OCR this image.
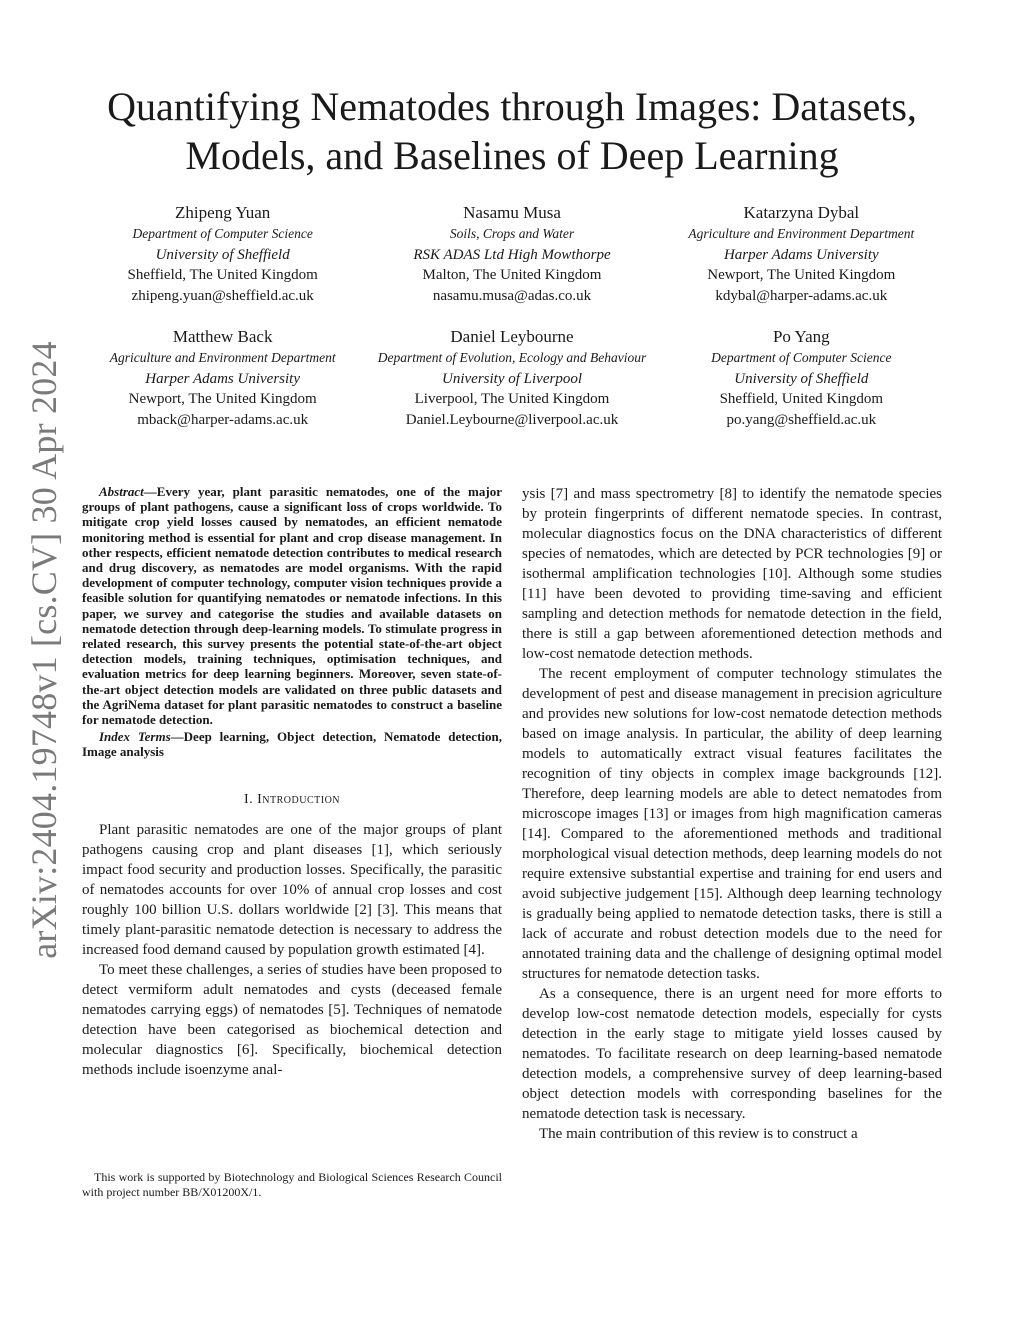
arXiv:2404.19748v1 [cs.CV] 30 Apr 2024
Quantifying Nematodes through Images: Datasets,
Models, and Baselines of Deep Learning
Zhipeng Yuan
Department of Computer Science
University of Sheffield
Sheffield, The United Kingdom
zhipeng.yuan@sheffield.ac.uk
Nasamu Musa
Soils, Crops and Water
RSK ADAS Ltd High Mowthorpe
Malton, The United Kingdom
nasamu.musa@adas.co.uk
Katarzyna Dybal
Agriculture and Environment Department
Harper Adams University
Newport, The United Kingdom
kdybal@harper-adams.ac.uk
Matthew Back
Agriculture and Environment Department
Harper Adams University
Newport, The United Kingdom
mback@harper-adams.ac.uk
Daniel Leybourne
Department of Evolution, Ecology and Behaviour
University of Liverpool
Liverpool, The United Kingdom
Daniel.Leybourne@liverpool.ac.uk
Po Yang
Department of Computer Science
University of Sheffield
Sheffield, United Kingdom
po.yang@sheffield.ac.uk
Abstract—Every year, plant parasitic nematodes, one of the major groups of plant pathogens, cause a significant loss of crops worldwide. To mitigate crop yield losses caused by nematodes, an efficient nematode monitoring method is essential for plant and crop disease management. In other respects, efficient nematode detection contributes to medical research and drug discovery, as nematodes are model organisms. With the rapid development of computer technology, computer vision techniques provide a feasible solution for quantifying nematodes or nematode infections. In this paper, we survey and categorise the studies and available datasets on nematode detection through deep-learning models. To stimulate progress in related research, this survey presents the potential state-of-the-art object detection models, training techniques, optimisation techniques, and evaluation metrics for deep learning beginners. Moreover, seven state-of-the-art object detection models are validated on three public datasets and the AgriNema dataset for plant parasitic nematodes to construct a baseline for nematode detection.
Index Terms—Deep learning, Object detection, Nematode detection, Image analysis
I. Introduction

Plant parasitic nematodes are one of the major groups of plant pathogens causing crop and plant diseases [1], which seriously impact food security and production losses. Specifically, the parasitic of nematodes accounts for over 10% of annual crop losses and cost roughly 100 billion U.S. dollars worldwide [2] [3]. This means that timely plant-parasitic nematode detection is necessary to address the increased food demand caused by population growth estimated [4].

To meet these challenges, a series of studies have been proposed to detect vermiform adult nematodes and cysts (deceased female nematodes carrying eggs) of nematodes [5]. Techniques of nematode detection have been categorised as biochemical detection and molecular diagnostics [6]. Specifically, biochemical detection methods include isoenzyme anal-

This work is supported by Biotechnology and Biological Sciences Research Council with project number BB/X01200X/1.

ysis [7] and mass spectrometry [8] to identify the nematode species by protein fingerprints of different nematode species. In contrast, molecular diagnostics focus on the DNA characteristics of different species of nematodes, which are detected by PCR technologies [9] or isothermal amplification technologies [10]. Although some studies [11] have been devoted to providing time-saving and efficient sampling and detection methods for nematode detection in the field, there is still a gap between aforementioned detection methods and low-cost nematode detection methods.

The recent employment of computer technology stimulates the development of pest and disease management in precision agriculture and provides new solutions for low-cost nematode detection methods based on image analysis. In particular, the ability of deep learning models to automatically extract visual features facilitates the recognition of tiny objects in complex image backgrounds [12]. Therefore, deep learning models are able to detect nematodes from microscope images [13] or images from high magnification cameras [14]. Compared to the aforementioned methods and traditional morphological visual detection methods, deep learning models do not require extensive substantial expertise and training for end users and avoid subjective judgement [15]. Although deep learning technology is gradually being applied to nematode detection tasks, there is still a lack of accurate and robust detection models due to the need for annotated training data and the challenge of designing optimal model structures for nematode detection tasks.

As a consequence, there is an urgent need for more efforts to develop low-cost nematode detection models, especially for cysts detection in the early stage to mitigate yield losses caused by nematodes. To facilitate research on deep learning-based nematode detection models, a comprehensive survey of deep learning-based object detection models with corresponding baselines for the nematode detection task is necessary.

The main contribution of this review is to construct a
